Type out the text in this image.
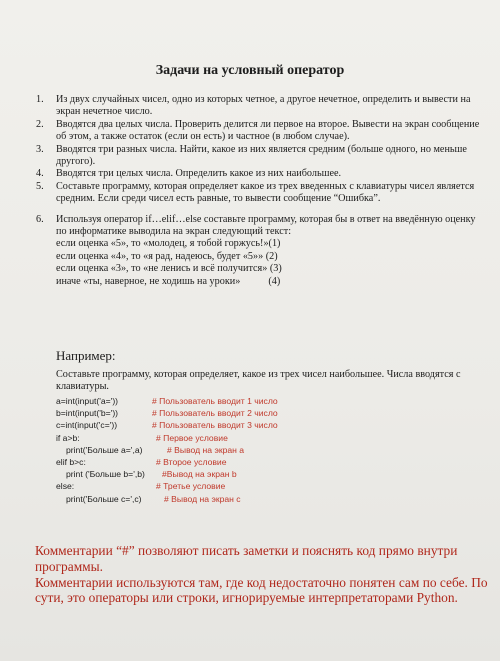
Задачи на условный оператор
1.	Из двух случайных чисел, одно из которых четное, а другое нечетное, определить и вывести на экран нечетное число.
2.	Вводятся два целых числа. Проверить делится ли первое на второе. Вывести на экран сообщение об этом, а также остаток (если он есть) и частное (в любом случае).
3.	Вводятся три разных числа. Найти, какое из них является средним (больше одного, но меньше другого).
4.	Вводятся три целых числа. Определить какое из них наибольшее.
5.	Составьте программу, которая определяет какое из трех введенных с клавиатуры чисел является средним. Если среди чисел есть равные, то вывести сообщение “Ошибка”.
6.	Используя оператор if…elif…else составьте программу, которая бы в ответ на введённую оценку по информатике выводила на экран следующий текст:
если оценка «5», то «молодец, я тобой горжусь!»(1)
если оценка «4», то «я рад, надеюсь, будет «5»» (2)
если оценка «3», то «не ленись и всё получится» (3)
иначе «ты, наверное, не ходишь на уроки»           (4)
Например:
Составьте программу, которая определяет, какое из трех чисел наибольшее. Числа вводятся с клавиатуры.
a=int(input('a='))	# Пользователь вводит 1 число
b=int(input('b='))	# Пользователь вводит 2 число
c=int(input('c='))	# Пользователь вводит 3 число
if a>b:	# Первое условие
print('Больше a=',a)	# Вывод на экран а
elif b>c:	# Второе условие
print ('Больше b=',b) #Вывод на экран b
else:	# Третье условие
print('Больше c=',c)	# Вывод на экран с

Комментарии “#” позволяют писать заметки и пояснять код прямо внутри программы.

Комментарии используются там, где код недостаточно понятен сам по себе. По сути, это операторы или строки, игнорируемые интерпретаторами Python.
